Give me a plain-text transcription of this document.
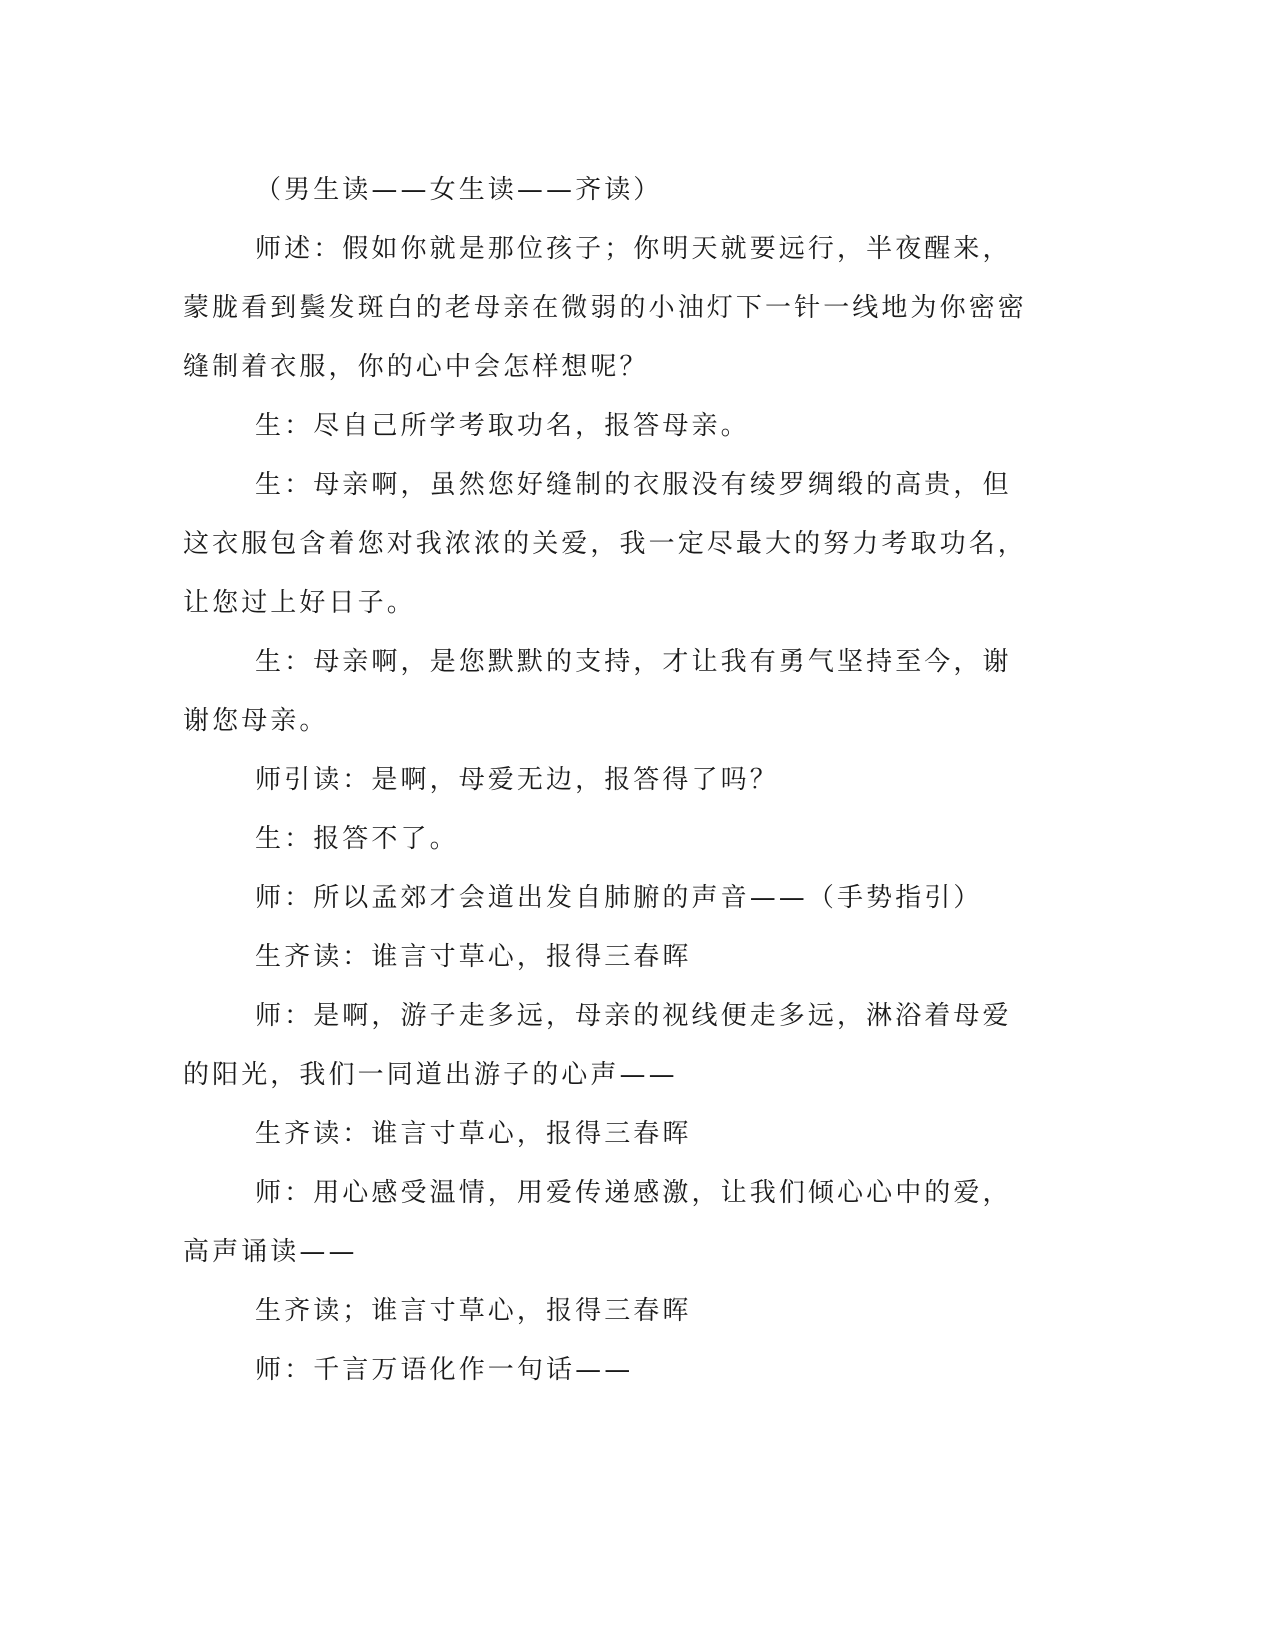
（男生读——女生读——齐读）

师述：假如你就是那位孩子；你明天就要远行，半夜醒来，蒙胧看到鬓发斑白的老母亲在微弱的小油灯下一针一线地为你密密缝制着衣服，你的心中会怎样想呢？

生：尽自己所学考取功名，报答母亲。

生：母亲啊，虽然您好缝制的衣服没有绫罗绸缎的高贵，但这衣服包含着您对我浓浓的关爱，我一定尽最大的努力考取功名，让您过上好日子。

生：母亲啊，是您默默的支持，才让我有勇气坚持至今，谢谢您母亲。

师引读：是啊，母爱无边，报答得了吗？

生：报答不了。

师：所以孟郊才会道出发自肺腑的声音——（手势指引）

生齐读：谁言寸草心，报得三春晖

师：是啊，游子走多远，母亲的视线便走多远，淋浴着母爱的阳光，我们一同道出游子的心声——

生齐读：谁言寸草心，报得三春晖

师：用心感受温情，用爱传递感激，让我们倾心心中的爱，高声诵读——

生齐读；谁言寸草心，报得三春晖

师：千言万语化作一句话——
